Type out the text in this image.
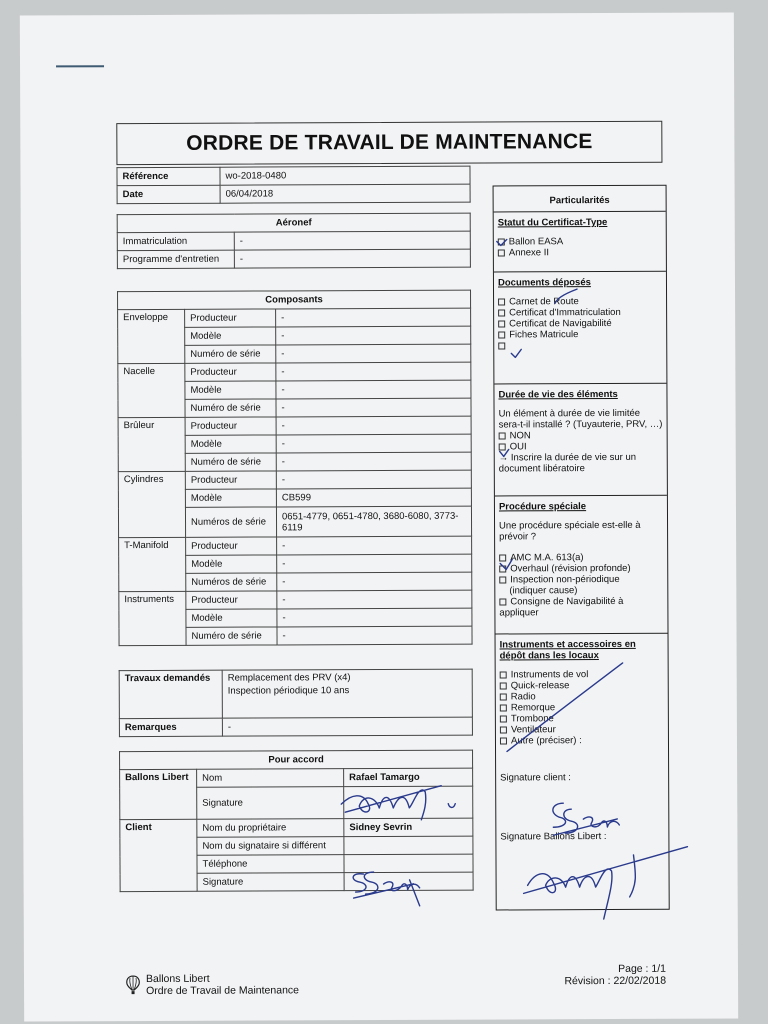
ORDRE DE TRAVAIL DE MAINTENANCE
Référence	wo-2018-0480
Date	06/04/2018
Aéronef	
Immatriculation	-
Programme d'entretien	-
Composants		
Enveloppe	Producteur	-
	Modèle	-
	Numéro de série	-
Nacelle	Producteur	-
	Modèle	-
	Numéro de série	-
Brûleur	Producteur	-
	Modèle	-
	Numéro de série	-
Cylindres	Producteur	-
	Modèle	CB599
	Numéros de série	0651-4779, 0651-4780, 3680-6080, 3773-6119
T-Manifold	Producteur	-
	Modèle	-
	Numéros de série	-
Instruments	Producteur	-
	Modèle	-
	Numéro de série	-
Travaux demandés	Remplacement des PRV (x4)
Inspection périodique 10 ans

Remarques	-
Pour accord		
Ballons Libert	Nom	Rafael Tamargo
	Signature	
Client	Nom du propriétaire	Sidney Sevrin
	Nom du signataire si différent	
	Téléphone	
	Signature	
Particularités
Statut du Certificat-Type
Ballon EASA
Annexe II
Documents déposés
Carnet de Route
Certificat d'Immatriculation
Certificat de Navigabilité
Fiches Matricule
Durée de vie des éléments
Un élément à durée de vie limitée sera-t-il installé ? (Tuyauterie, PRV, …)
NON
OUI
→ Inscrire la durée de vie sur un document libératoire
Procédure spéciale
Une procédure spéciale est-elle à prévoir ?
AMC M.A. 613(a)
Overhaul (révision profonde)
Inspection non-périodique
(indiquer cause)
Consigne de Navigabilité à appliquer
Instruments et accessoires en dépôt dans les locaux
Instruments de vol
Quick-release
Radio
Remorque
Trombone
Ventilateur
Autre (préciser) :
Signature client :
Signature Ballons Libert :
Ballons Libert
Ordre de Travail de Maintenance
Page : 1/1
Révision : 22/02/2018
